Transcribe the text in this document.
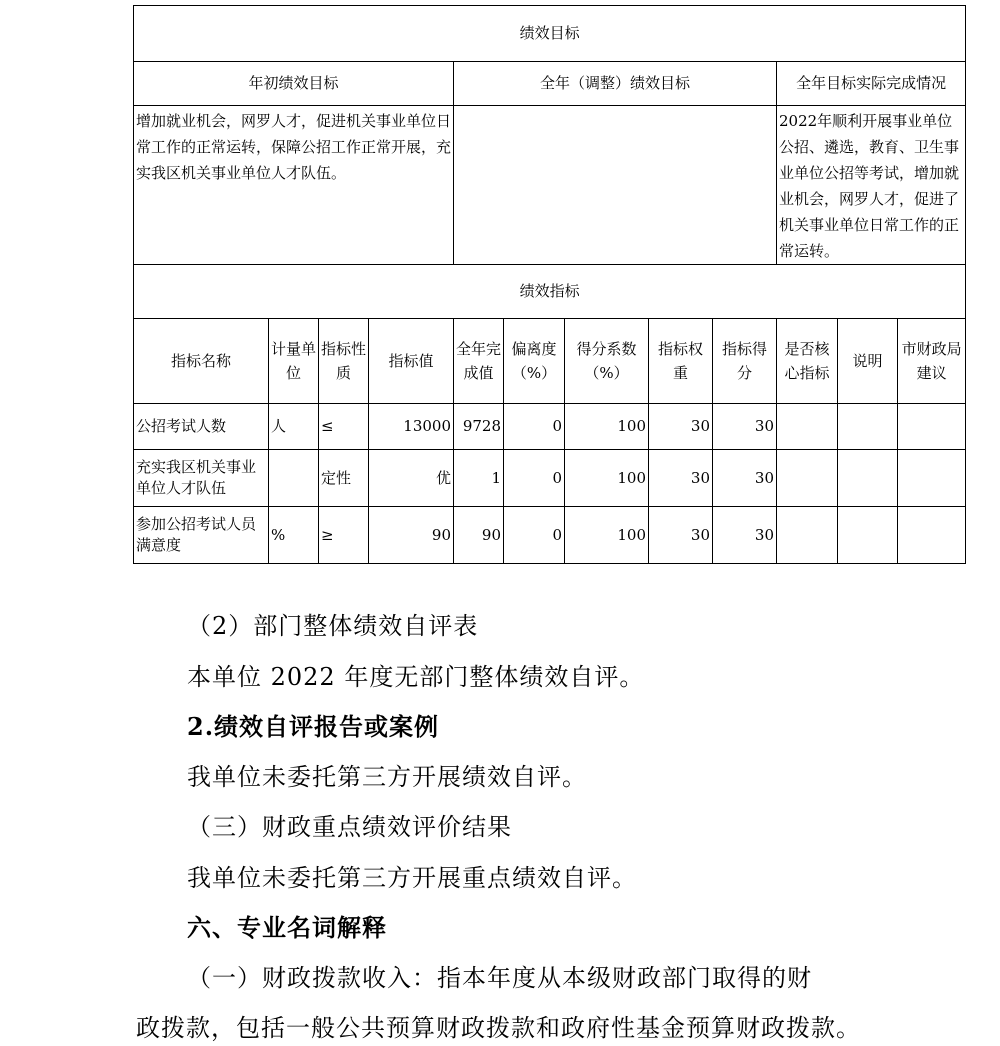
绩效目标											
年初绩效目标				全年（调整）绩效目标					全年目标实际完成情况		
增加就业机会，网罗人才，促进机关事业单位日常工作的正常运转，保障公招工作正常开展，充实我区机关事业单位人才队伍。									2022年顺利开展事业单位公招、遴选，教育、卫生事业单位公招等考试，增加就业机会，网罗人才，促进了机关事业单位日常工作的正常运转。		
绩效指标											
指标名称	计量单位	指标性质	指标值	全年完成值	偏离度（%）	得分系数（%）	指标权重	指标得分	是否核心指标	说明	市财政局建议
公招考试人数	人	≤	13000	9728	0	100	30	30			
充实我区机关事业单位人才队伍		定性	优	1	0	100	30	30			
参加公招考试人员满意度	%	≥	90	90	0	100	30	30			
（2）部门整体绩效自评表
本单位 2022 年度无部门整体绩效自评。
2.绩效自评报告或案例
我单位未委托第三方开展绩效自评。
（三）财政重点绩效评价结果
我单位未委托第三方开展重点绩效自评。
六、专业名词解释
（一）财政拨款收入：指本年度从本级财政部门取得的财
政拨款，包括一般公共预算财政拨款和政府性基金预算财政拨款。
